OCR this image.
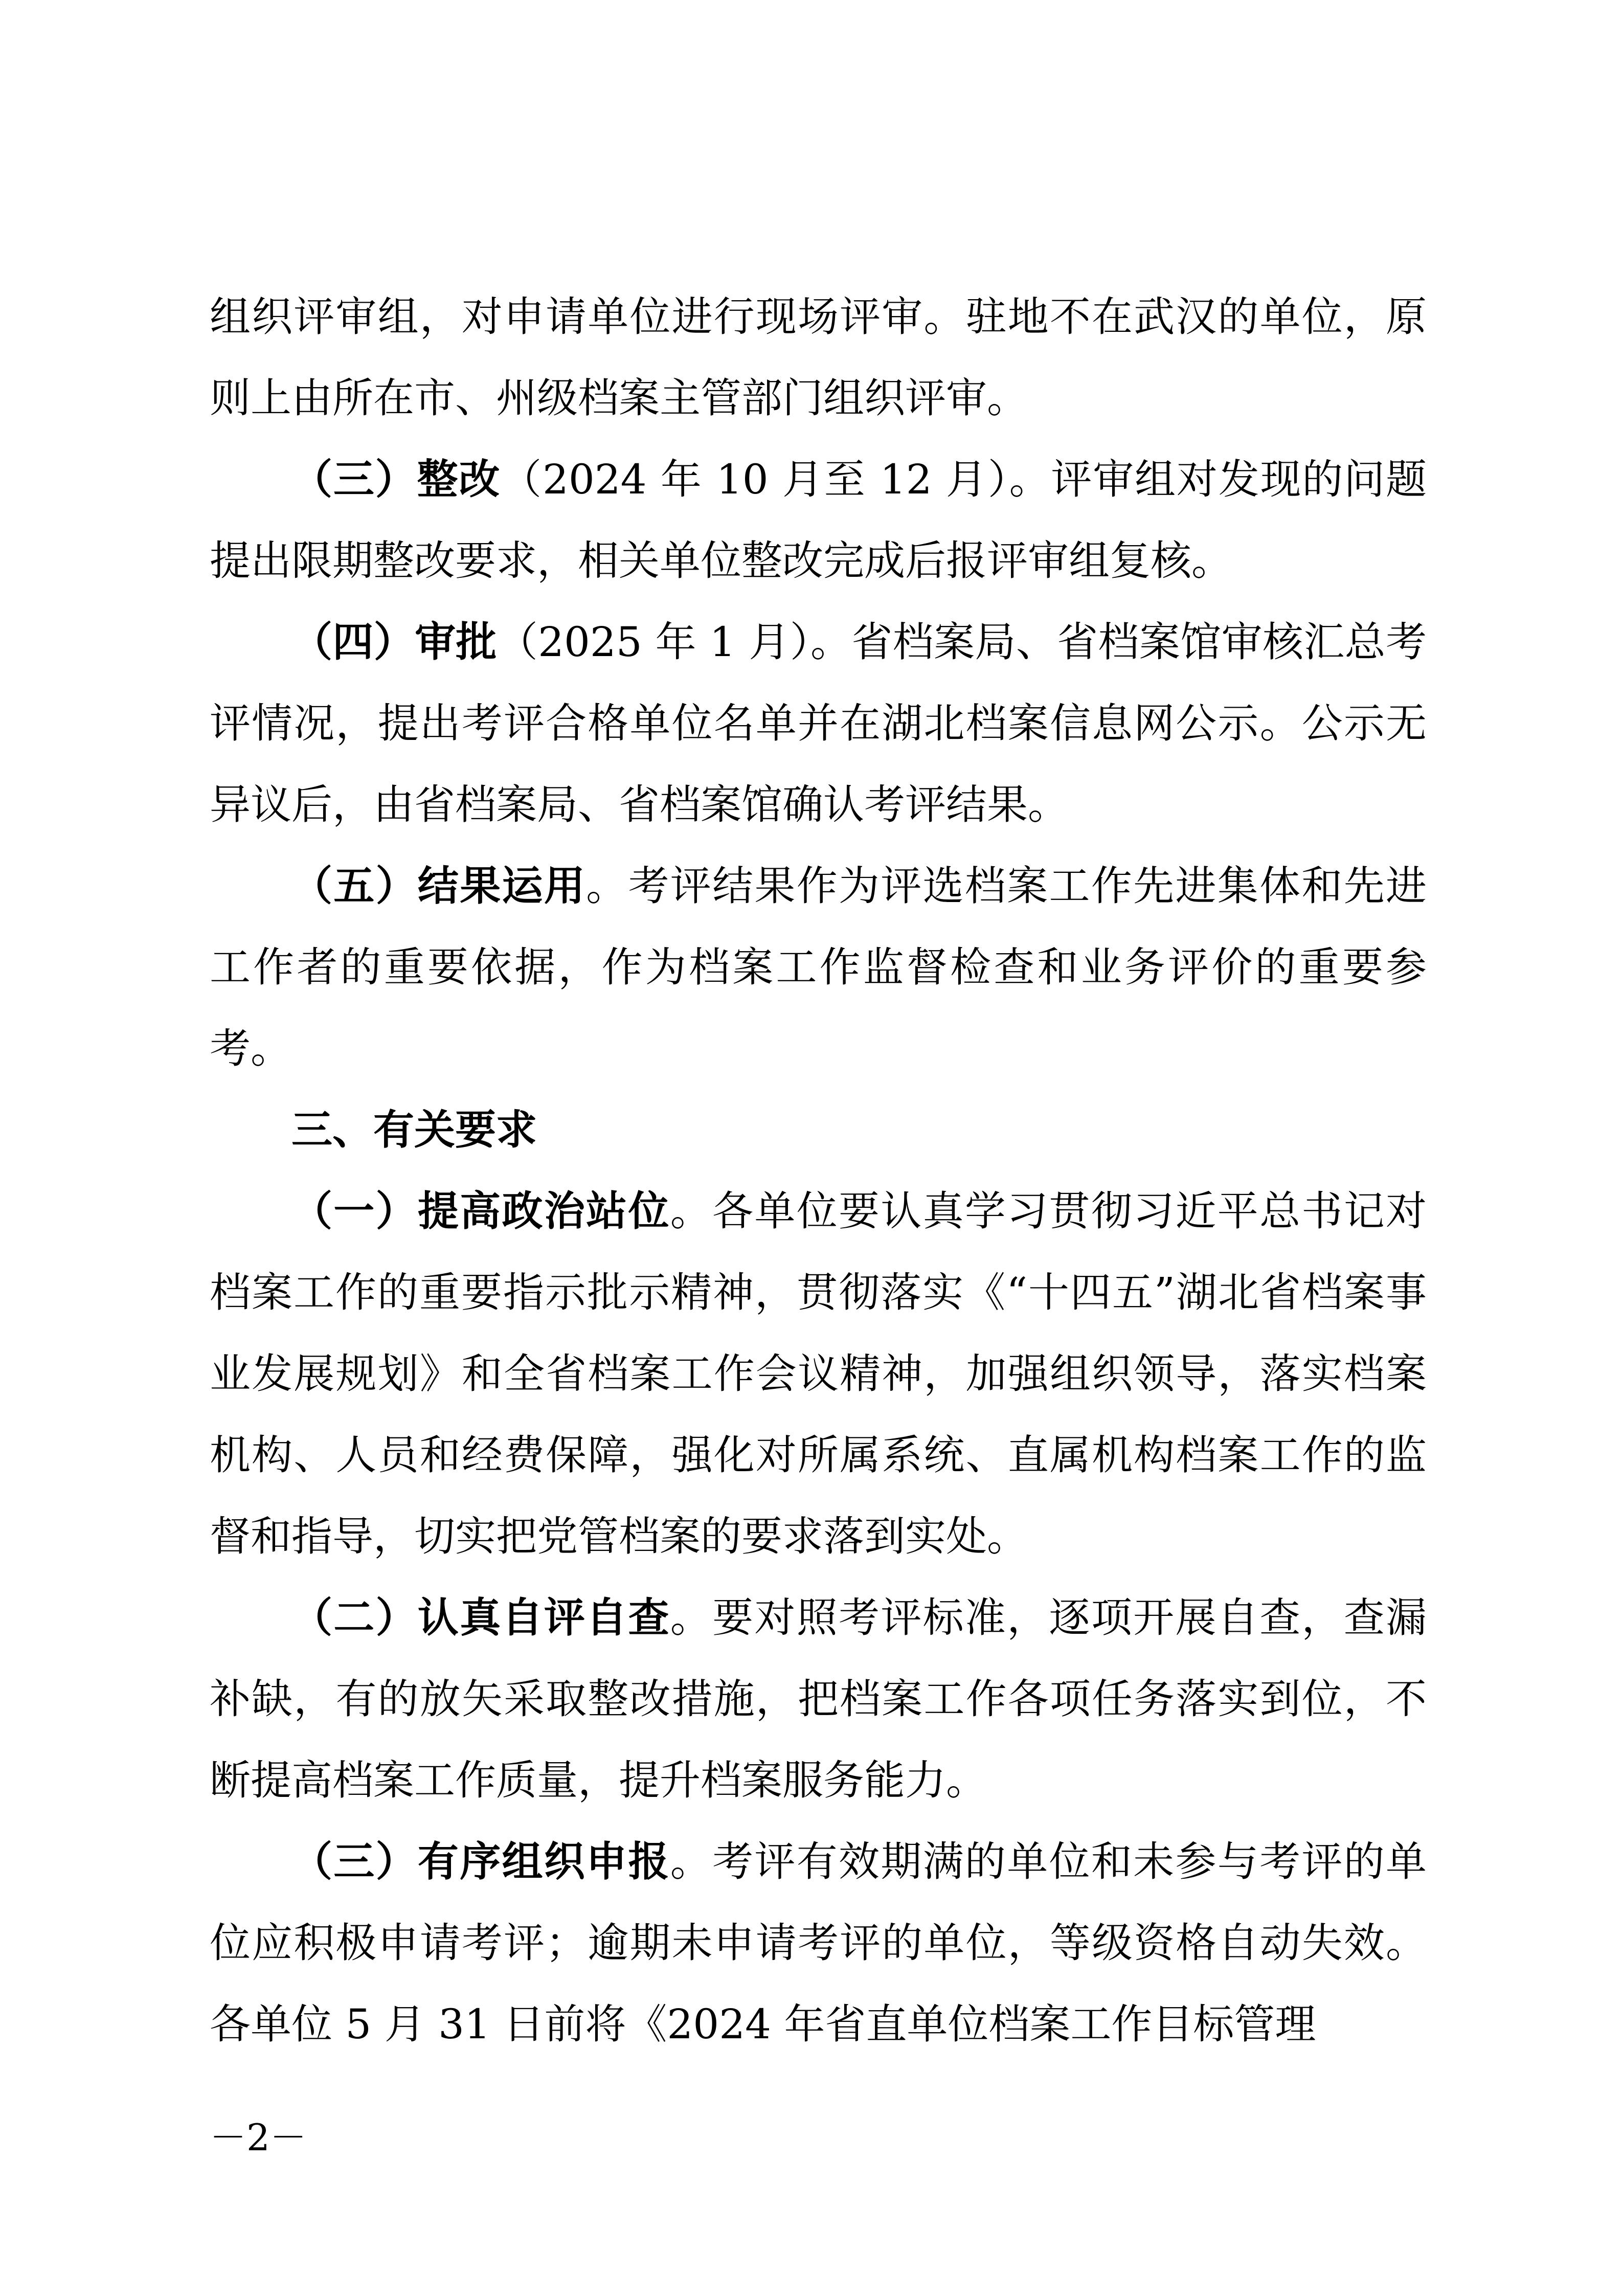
组织评审组，对申请单位进行现场评审。驻地不在武汉的单位，原则上由所在市、州级档案主管部门组织评审。

（三）整改（2024 年 10 月至 12 月）。评审组对发现的问题提出限期整改要求，相关单位整改完成后报评审组复核。

（四）审批（2025 年 1 月）。省档案局、省档案馆审核汇总考评情况，提出考评合格单位名单并在湖北档案信息网公示。公示无异议后，由省档案局、省档案馆确认考评结果。

（五）结果运用。考评结果作为评选档案工作先进集体和先进工作者的重要依据，作为档案工作监督检查和业务评价的重要参考。

三、有关要求

（一）提高政治站位。各单位要认真学习贯彻习近平总书记对档案工作的重要指示批示精神，贯彻落实《“十四五”湖北省档案事业发展规划》和全省档案工作会议精神，加强组织领导，落实档案机构、人员和经费保障，强化对所属系统、直属机构档案工作的监督和指导，切实把党管档案的要求落到实处。

（二）认真自评自查。要对照考评标准，逐项开展自查，查漏补缺，有的放矢采取整改措施，把档案工作各项任务落实到位，不断提高档案工作质量，提升档案服务能力。

（三）有序组织申报。考评有效期满的单位和未参与考评的单位应积极申请考评；逾期未申请考评的单位，等级资格自动失效。各单位 5 月 31 日前将《2024 年省直单位档案工作目标管理

－2－
